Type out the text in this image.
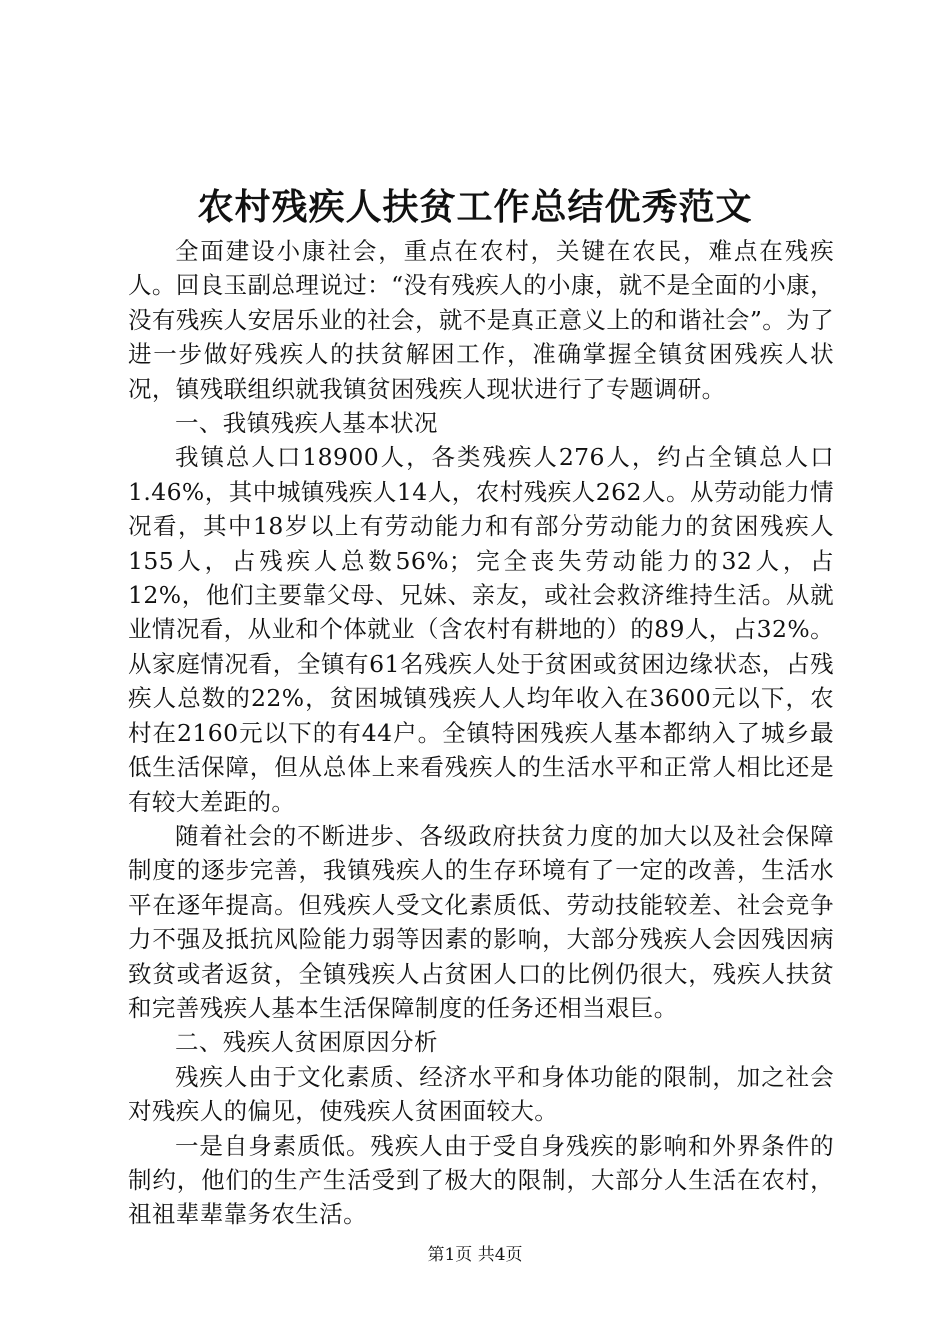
农村残疾人扶贫工作总结优秀范文

全面建设小康社会，重点在农村，关键在农民，难点在残疾人。回良玉副总理说过：“没有残疾人的小康，就不是全面的小康，没有残疾人安居乐业的社会，就不是真正意义上的和谐社会”。为了进一步做好残疾人的扶贫解困工作，准确掌握全镇贫困残疾人状况，镇残联组织就我镇贫困残疾人现状进行了专题调研。

一、我镇残疾人基本状况

我镇总人口18900人，各类残疾人276人，约占全镇总人口1.46%，其中城镇残疾人14人，农村残疾人262人。从劳动能力情况看，其中18岁以上有劳动能力和有部分劳动能力的贫困残疾人155人，占残疾人总数56%；完全丧失劳动能力的32人，占12%，他们主要靠父母、兄妹、亲友，或社会救济维持生活。从就业情况看，从业和个体就业（含农村有耕地的）的89人，占32%。从家庭情况看，全镇有61名残疾人处于贫困或贫困边缘状态，占残疾人总数的22%，贫困城镇残疾人人均年收入在3600元以下，农村在2160元以下的有44户。全镇特困残疾人基本都纳入了城乡最低生活保障，但从总体上来看残疾人的生活水平和正常人相比还是有较大差距的。

随着社会的不断进步、各级政府扶贫力度的加大以及社会保障制度的逐步完善，我镇残疾人的生存环境有了一定的改善，生活水平在逐年提高。但残疾人受文化素质低、劳动技能较差、社会竞争力不强及抵抗风险能力弱等因素的影响，大部分残疾人会因残因病致贫或者返贫，全镇残疾人占贫困人口的比例仍很大，残疾人扶贫和完善残疾人基本生活保障制度的任务还相当艰巨。

二、残疾人贫困原因分析

残疾人由于文化素质、经济水平和身体功能的限制，加之社会对残疾人的偏见，使残疾人贫困面较大。

一是自身素质低。残疾人由于受自身残疾的影响和外界条件的制约，他们的生产生活受到了极大的限制，大部分人生活在农村，祖祖辈辈靠务农生活。

第1页 共4页
